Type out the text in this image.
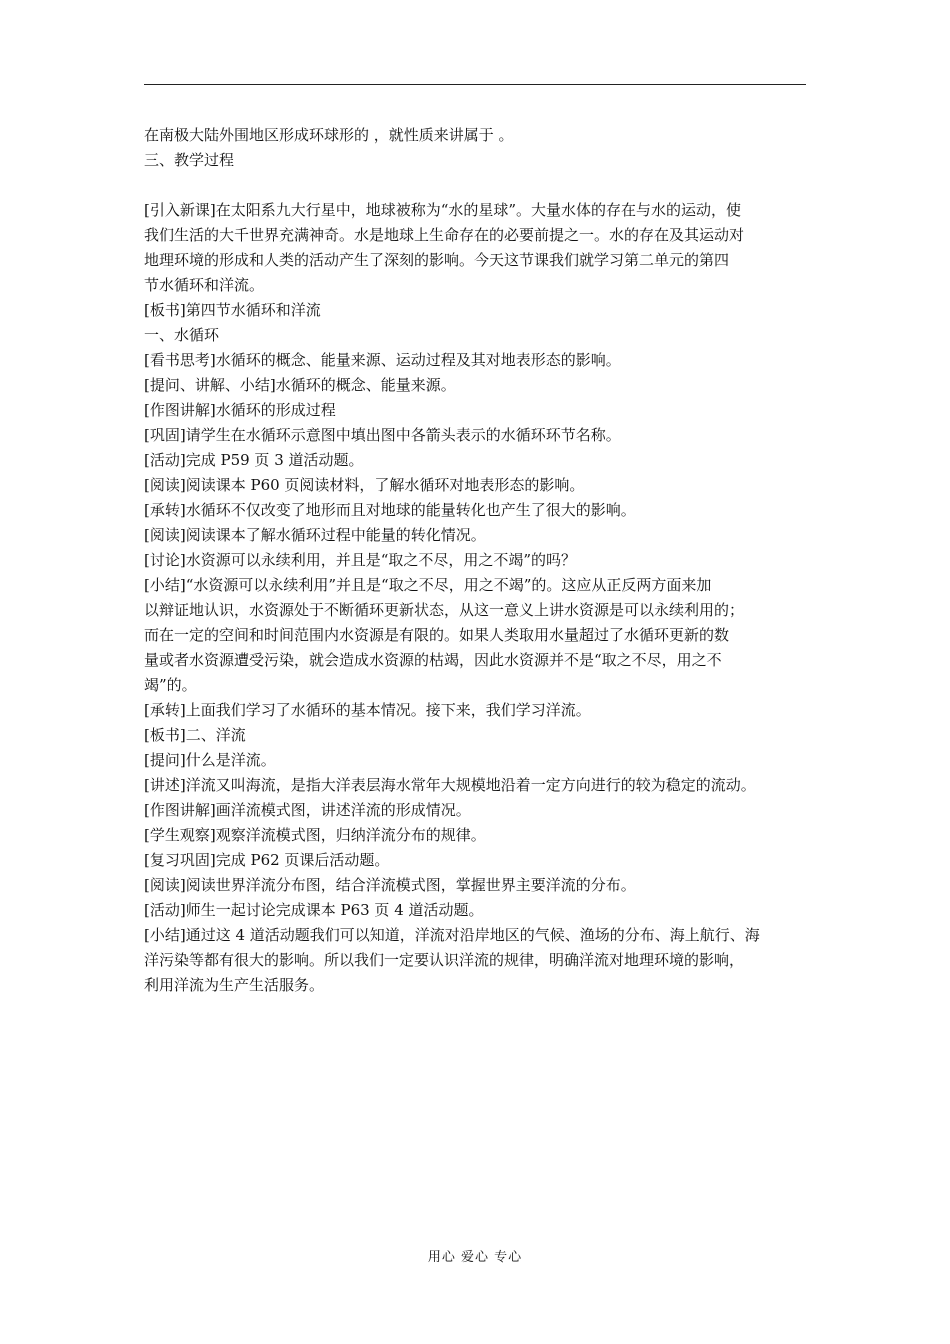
在南极大陆外围地区形成环球形的 ，就性质来讲属于 。
三、教学过程
[引入新课]在太阳系九大行星中，地球被称为“水的星球”。大量水体的存在与水的运动，使
我们生活的大千世界充满神奇。水是地球上生命存在的必要前提之一。水的存在及其运动对
地理环境的形成和人类的活动产生了深刻的影响。今天这节课我们就学习第二单元的第四
节水循环和洋流。
[板书]第四节水循环和洋流
一、水循环
[看书思考]水循环的概念、能量来源、运动过程及其对地表形态的影响。
[提问、讲解、小结]水循环的概念、能量来源。
[作图讲解]水循环的形成过程
[巩固]请学生在水循环示意图中填出图中各箭头表示的水循环环节名称。
[活动]完成 P59 页 3 道活动题。
[阅读]阅读课本 P60 页阅读材料，了解水循环对地表形态的影响。
[承转]水循环不仅改变了地形而且对地球的能量转化也产生了很大的影响。
[阅读]阅读课本了解水循环过程中能量的转化情况。
[讨论]水资源可以永续利用，并且是“取之不尽，用之不竭”的吗？
[小结]“水资源可以永续利用”并且是“取之不尽，用之不竭”的。这应从正反两方面来加
以辩证地认识，水资源处于不断循环更新状态，从这一意义上讲水资源是可以永续利用的；
而在一定的空间和时间范围内水资源是有限的。如果人类取用水量超过了水循环更新的数
量或者水资源遭受污染，就会造成水资源的枯竭，因此水资源并不是“取之不尽，用之不
竭”的。
[承转]上面我们学习了水循环的基本情况。接下来，我们学习洋流。
[板书]二、洋流
[提问]什么是洋流。
[讲述]洋流又叫海流，是指大洋表层海水常年大规模地沿着一定方向进行的较为稳定的流动。
[作图讲解]画洋流模式图，讲述洋流的形成情况。
[学生观察]观察洋流模式图，归纳洋流分布的规律。
[复习巩固]完成 P62 页课后活动题。
[阅读]阅读世界洋流分布图，结合洋流模式图，掌握世界主要洋流的分布。
[活动]师生一起讨论完成课本 P63 页 4 道活动题。
[小结]通过这 4 道活动题我们可以知道，洋流对沿岸地区的气候、渔场的分布、海上航行、海
洋污染等都有很大的影响。所以我们一定要认识洋流的规律，明确洋流对地理环境的影响，
利用洋流为生产生活服务。
用心 爱心 专心
